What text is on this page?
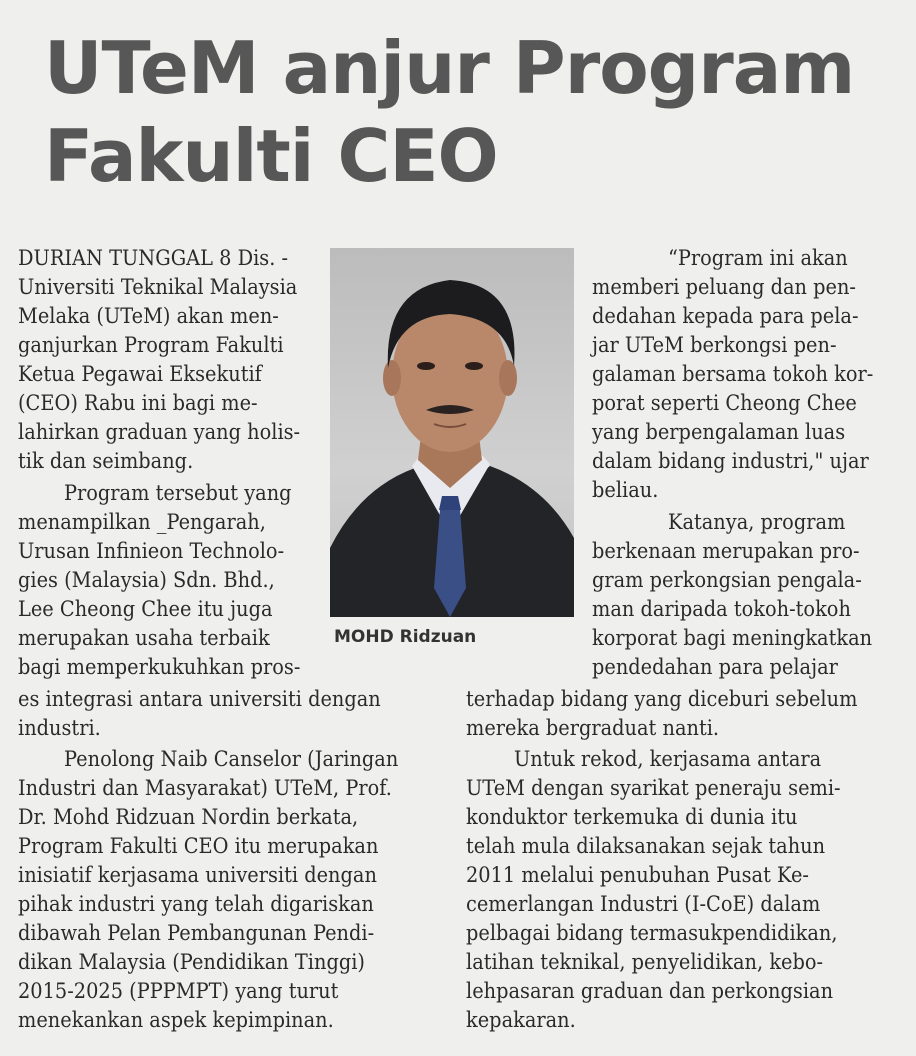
UTeM anjur Program
Fakulti CEO
DURIAN TUNGGAL 8 Dis. -
Universiti Teknikal Malaysia
Melaka (UTeM) akan men-
ganjurkan Program Fakulti
Ketua Pegawai Eksekutif
(CEO) Rabu ini bagi me-
lahirkan graduan yang holis-
tik dan seimbang.
Program tersebut yang
menampilkan _Pengarah,
Urusan Infinieon Technolo-
gies (Malaysia) Sdn. Bhd.,
Lee Cheong Chee itu juga
merupakan usaha terbaik
bagi memperkukuhkan pros-
MOHD Ridzuan
es integrasi antara universiti dengan
industri.
Penolong Naib Canselor (Jaringan
Industri dan Masyarakat) UTeM, Prof.
Dr. Mohd Ridzuan Nordin berkata,
Program Fakulti CEO itu merupakan
inisiatif kerjasama universiti dengan
pihak industri yang telah digariskan
dibawah Pelan Pembangunan Pendi-
dikan Malaysia (Pendidikan Tinggi)
2015-2025 (PPPMPT) yang turut
menekankan aspek kepimpinan.
“Program ini akan
memberi peluang dan pen-
dedahan kepada para pela-
jar UTeM berkongsi pen-
galaman bersama tokoh kor-
porat seperti Cheong Chee
yang berpengalaman luas
dalam bidang industri," ujar
beliau.
Katanya, program
berkenaan merupakan pro-
gram perkongsian pengala-
man daripada tokoh-tokoh
korporat bagi meningkatkan
pendedahan para pelajar
terhadap bidang yang diceburi sebelum
mereka bergraduat nanti.
Untuk rekod, kerjasama antara
UTeM dengan syarikat peneraju semi-
konduktor terkemuka di dunia itu
telah mula dilaksanakan sejak tahun
2011 melalui penubuhan Pusat Ke-
cemerlangan Industri (I-CoE) dalam
pelbagai bidang termasukpendidikan,
latihan teknikal, penyelidikan, kebo-
lehpasaran graduan dan perkongsian
kepakaran.
